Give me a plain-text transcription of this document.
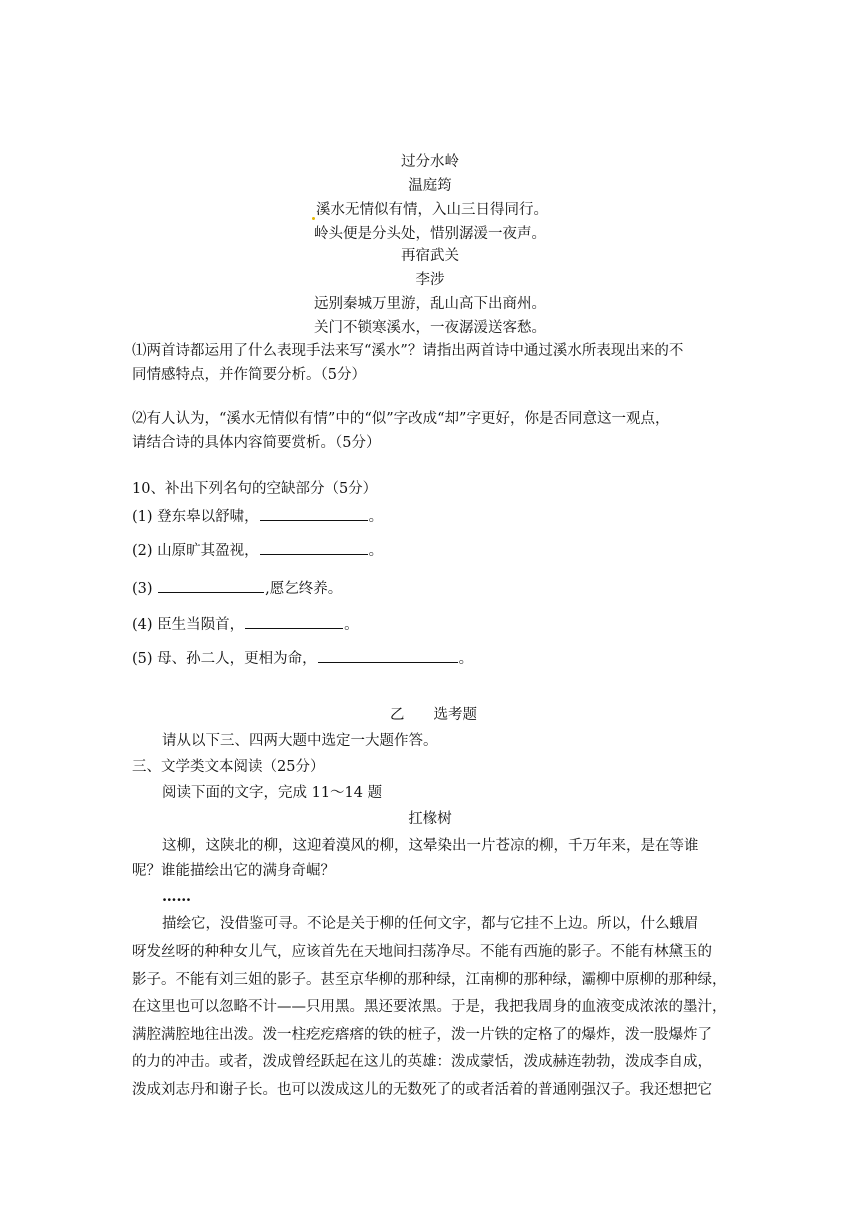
过分水岭
温庭筠
溪水无情似有情，入山三日得同行。
岭头便是分头处，惜别潺湲一夜声。
再宿武关
李涉
远别秦城万里游，乱山高下出商州。
关门不锁寒溪水，一夜潺湲送客愁。
⑴两首诗都运用了什么表现手法来写“溪水”？请指出两首诗中通过溪水所表现出来的不
同情感特点，并作简要分析。（5分）
⑵有人认为，“溪水无情似有情”中的“似”字改成“却”字更好，你是否同意这一观点，
请结合诗的具体内容简要赏析。（5分）
10、补出下列名句的空缺部分（5分）
(1) 登东皋以舒啸，	。
(2) 山原旷其盈视，	。
(3)	,愿乞终养。
(4) 臣生当陨首，	。
(5) 母、孙二人，更相为命，	。
乙　　选考题
请从以下三、四两大题中选定一大题作答。
三、文学类文本阅读（25分）
阅读下面的文字，完成 11～14 题
扛椽树
这柳，这陕北的柳，这迎着漠风的柳，这晕染出一片苍凉的柳，千万年来，是在等谁
呢？谁能描绘出它的满身奇崛？
……
描绘它，没借鉴可寻。不论是关于柳的任何文字，都与它挂不上边。所以，什么蛾眉
呀发丝呀的种种女儿气，应该首先在天地间扫荡净尽。不能有西施的影子。不能有林黛玉的
影子。不能有刘三姐的影子。甚至京华柳的那种绿，江南柳的那种绿，灞柳中原柳的那种绿，
在这里也可以忽略不计——只用黑。黑还要浓黑。于是，我把我周身的血液变成浓浓的墨汁，
满腔满腔地往出泼。泼一柱疙疙瘩瘩的铁的桩子，泼一片铁的定格了的爆炸，泼一股爆炸了
的力的冲击。或者，泼成曾经跃起在这儿的英雄：泼成蒙恬，泼成赫连勃勃，泼成李自成，
泼成刘志丹和谢子长。也可以泼成这儿的无数死了的或者活着的普通刚强汉子。我还想把它
